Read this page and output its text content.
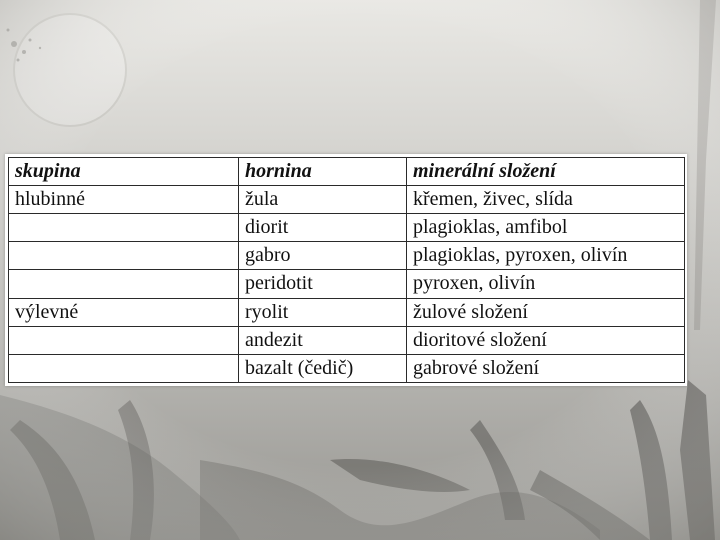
skupina	hornina	minerální složení
hlubinné	žula	křemen, živec, slída
	diorit	plagioklas, amfibol
	gabro	plagioklas, pyroxen, olivín
	peridotit	pyroxen, olivín
výlevné	ryolit	žulové složení
	andezit	dioritové složení
	bazalt (čedič)	gabrové složení
